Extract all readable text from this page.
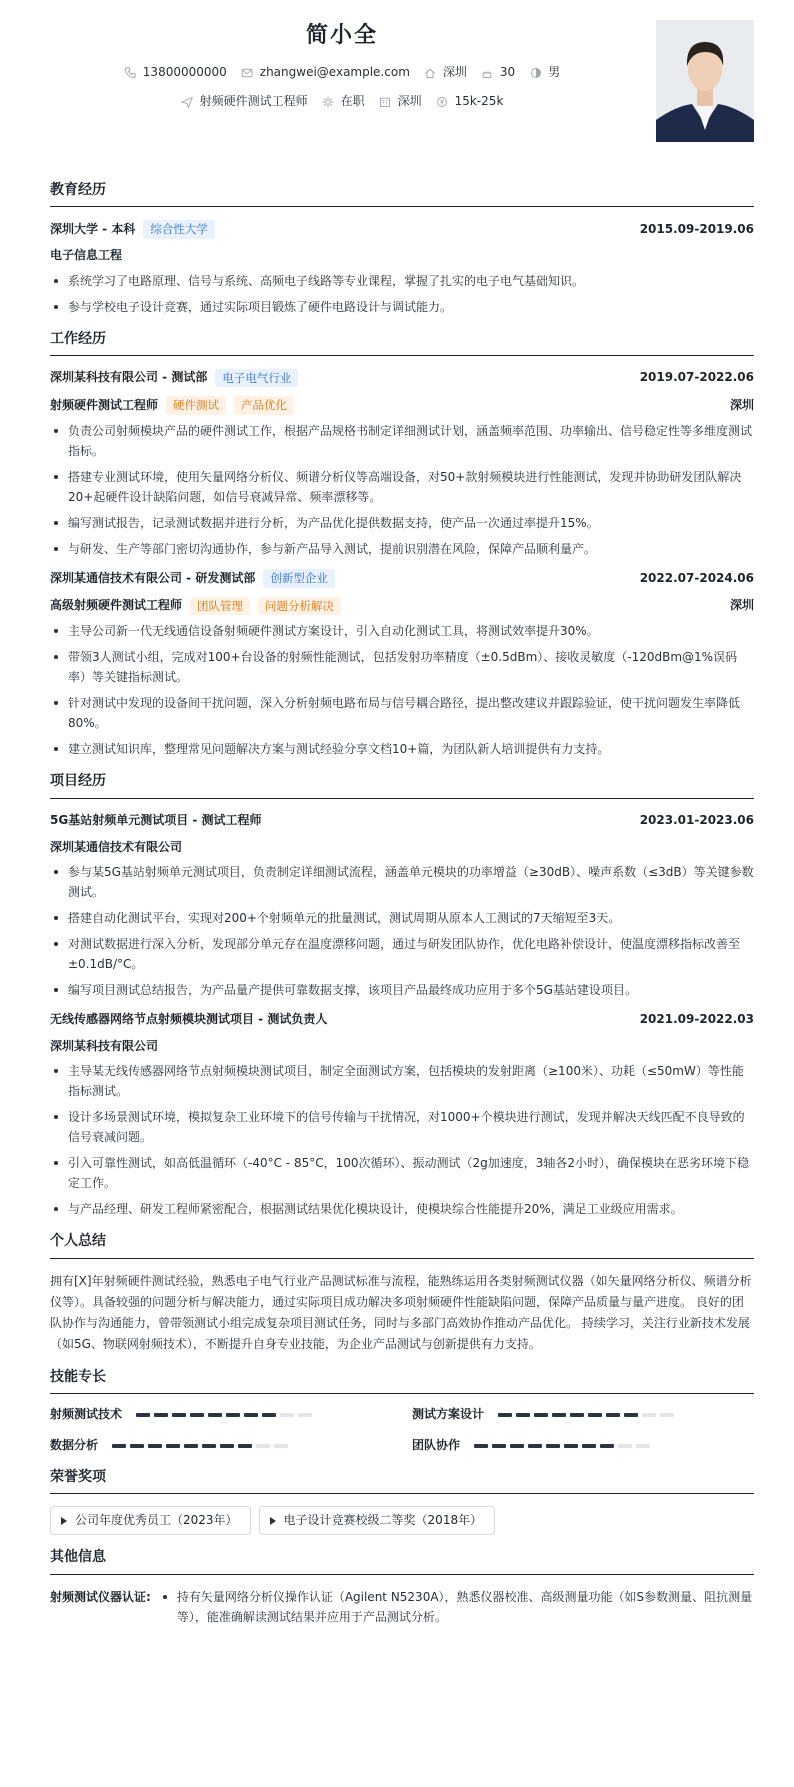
简小全
13800000000	zhangwei@example.com	深圳	30	男
射频硬件测试工程师	在职	深圳	15k-25k
教育经历
深圳大学 - 本科	综合性大学	2015.09-2019.06
电子信息工程
系统学习了电路原理、信号与系统、高频电子线路等专业课程，掌握了扎实的电子电气基础知识。
参与学校电子设计竞赛，通过实际项目锻炼了硬件电路设计与调试能力。
工作经历
深圳某科技有限公司 - 测试部	电子电气行业	2019.07-2022.06
射频硬件测试工程师	硬件测试	产品优化	深圳
负责公司射频模块产品的硬件测试工作，根据产品规格书制定详细测试计划，涵盖频率范围、功率输出、信号稳定性等多维度测试指标。
搭建专业测试环境，使用矢量网络分析仪、频谱分析仪等高端设备，对50+款射频模块进行性能测试，发现并协助研发团队解决20+起硬件设计缺陷问题，如信号衰减异常、频率漂移等。
编写测试报告，记录测试数据并进行分析，为产品优化提供数据支持，使产品一次通过率提升15%。
与研发、生产等部门密切沟通协作，参与新产品导入测试，提前识别潜在风险，保障产品顺利量产。
深圳某通信技术有限公司 - 研发测试部	创新型企业	2022.07-2024.06
高级射频硬件测试工程师	团队管理	问题分析解决	深圳
主导公司新一代无线通信设备射频硬件测试方案设计，引入自动化测试工具，将测试效率提升30%。
带领3人测试小组，完成对100+台设备的射频性能测试，包括发射功率精度（±0.5dBm）、接收灵敏度（-120dBm@1%误码率）等关键指标测试。
针对测试中发现的设备间干扰问题，深入分析射频电路布局与信号耦合路径，提出整改建议并跟踪验证，使干扰问题发生率降低80%。
建立测试知识库，整理常见问题解决方案与测试经验分享文档10+篇，为团队新人培训提供有力支持。
项目经历
5G基站射频单元测试项目 - 测试工程师	2023.01-2023.06
深圳某通信技术有限公司
参与某5G基站射频单元测试项目，负责制定详细测试流程，涵盖单元模块的功率增益（≥30dB）、噪声系数（≤3dB）等关键参数测试。
搭建自动化测试平台，实现对200+个射频单元的批量测试，测试周期从原本人工测试的7天缩短至3天。
对测试数据进行深入分析，发现部分单元存在温度漂移问题，通过与研发团队协作，优化电路补偿设计，使温度漂移指标改善至±0.1dB/°C。
编写项目测试总结报告，为产品量产提供可靠数据支撑，该项目产品最终成功应用于多个5G基站建设项目。
无线传感器网络节点射频模块测试项目 - 测试负责人	2021.09-2022.03
深圳某科技有限公司
主导某无线传感器网络节点射频模块测试项目，制定全面测试方案，包括模块的发射距离（≥100米）、功耗（≤50mW）等性能指标测试。
设计多场景测试环境，模拟复杂工业环境下的信号传输与干扰情况，对1000+个模块进行测试，发现并解决天线匹配不良导致的信号衰减问题。
引入可靠性测试，如高低温循环（-40°C - 85°C，100次循环）、振动测试（2g加速度，3轴各2小时），确保模块在恶劣环境下稳定工作。
与产品经理、研发工程师紧密配合，根据测试结果优化模块设计，使模块综合性能提升20%，满足工业级应用需求。
个人总结
拥有[X]年射频硬件测试经验，熟悉电子电气行业产品测试标准与流程，能熟练运用各类射频测试仪器（如矢量网络分析仪、频谱分析仪等）。具备较强的问题分析与解决能力，通过实际项目成功解决多项射频硬件性能缺陷问题，保障产品质量与量产进度。 良好的团队协作与沟通能力，曾带领测试小组完成复杂项目测试任务，同时与多部门高效协作推动产品优化。 持续学习，关注行业新技术发展（如5G、物联网射频技术），不断提升自身专业技能，为企业产品测试与创新提供有力支持。
技能专长
射频测试技术	测试方案设计
数据分析	团队协作
荣誉奖项
公司年度优秀员工（2023年）	电子设计竞赛校级二等奖（2018年）
其他信息
射频测试仪器认证:	持有矢量网络分析仪操作认证（Agilent N5230A），熟悉仪器校准、高级测量功能（如S参数测量、阻抗测量等），能准确解读测试结果并应用于产品测试分析。
